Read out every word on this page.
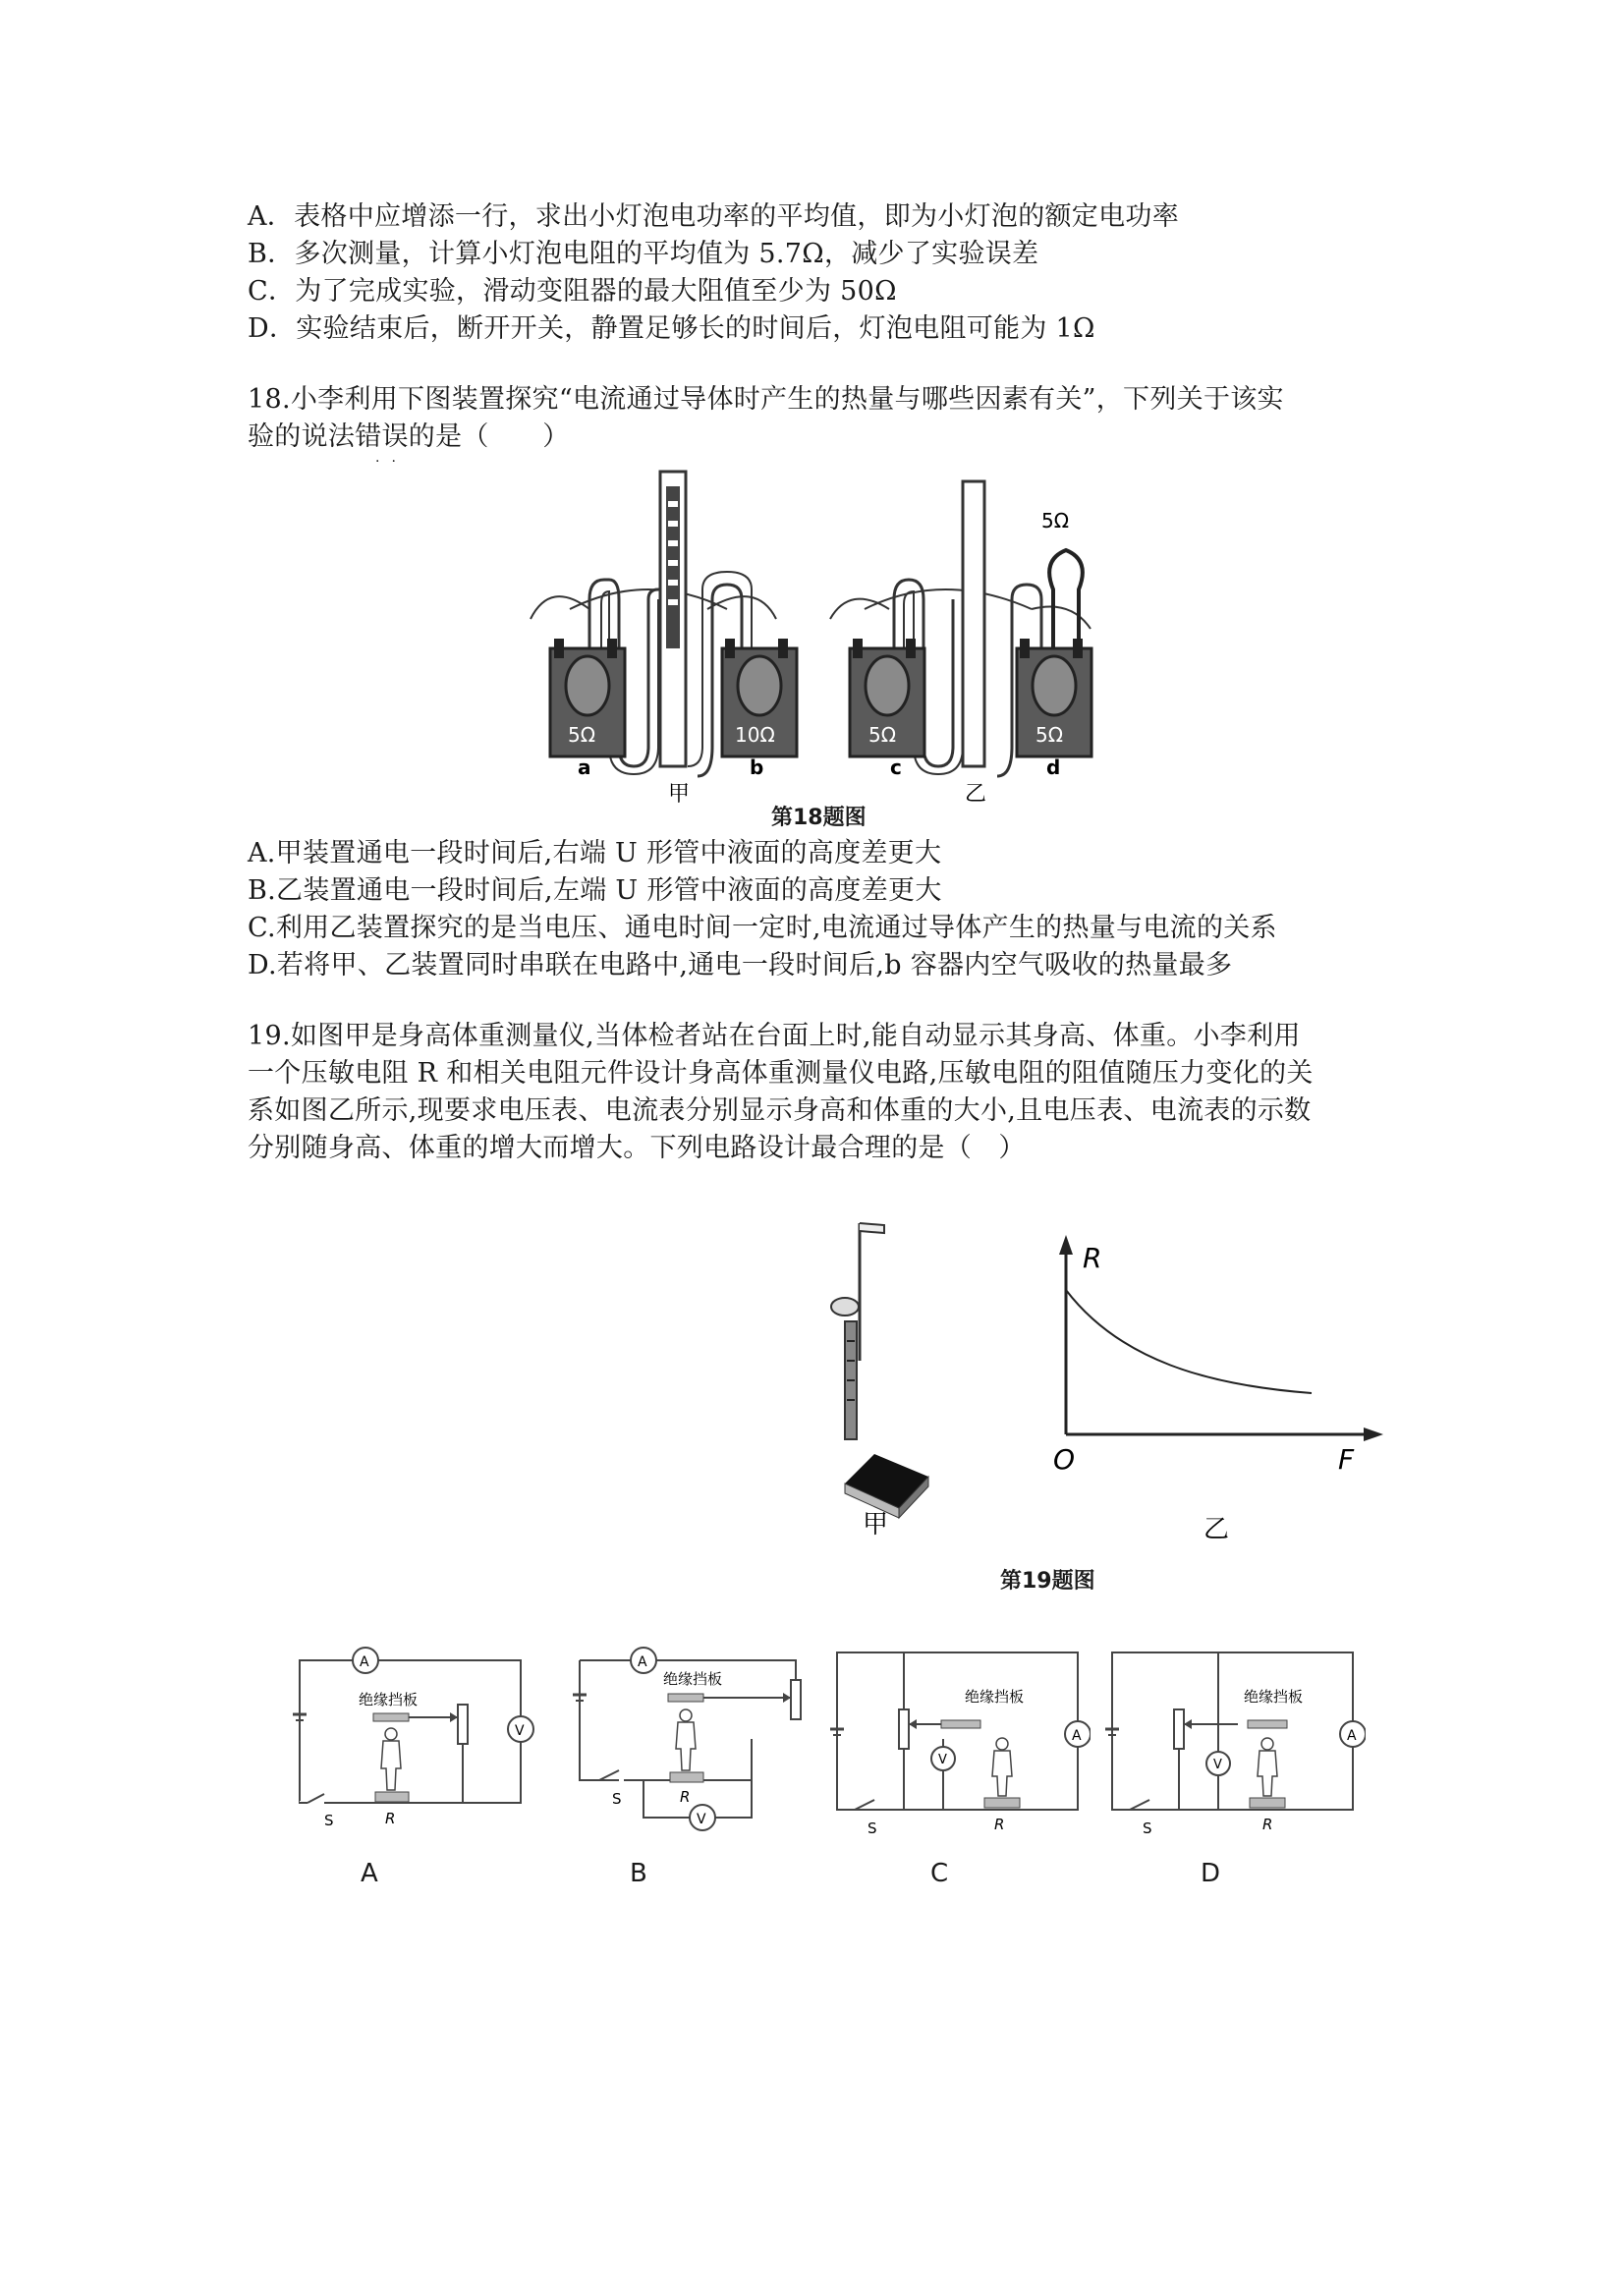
A．表格中应增添一行，求出小灯泡电功率的平均值，即为小灯泡的额定电功率
B．多次测量，计算小灯泡电阻的平均值为 5.7Ω，减少了实验误差
C．为了完成实验，滑动变阻器的最大阻值至少为 50Ω
D．实验结束后，断开开关，静置足够长的时间后，灯泡电阻可能为 1Ω
18.小李利用下图装置探究“电流通过导体时产生的热量与哪些因素有关”，下列关于该实
验的说法错误的是（　　）
··
5Ω	10Ω
a	b
甲
5Ω	5Ω
5Ω
c	d
乙
第18题图
A.甲装置通电一段时间后,右端 U 形管中液面的高度差更大
B.乙装置通电一段时间后,左端 U 形管中液面的高度差更大
C.利用乙装置探究的是当电压、通电时间一定时,电流通过导体产生的热量与电流的关系
D.若将甲、乙装置同时串联在电路中,通电一段时间后,b 容器内空气吸收的热量最多
19.如图甲是身高体重测量仪,当体检者站在台面上时,能自动显示其身高、体重。小李利用
一个压敏电阻 R 和相关电阻元件设计身高体重测量仪电路,压敏电阻的阻值随压力变化的关
系如图乙所示,现要求电压表、电流表分别显示身高和体重的大小,且电压表、电流表的示数
分别随身高、体重的增大而增大。下列电路设计最合理的是（　）
甲
R
O	F
乙
第19题图
A
V
绝缘挡板
S	R
A
A
绝缘挡板
V
S	R
B
绝缘挡板
V
A
S	R
C
绝缘挡板
V
A
S	R
D
